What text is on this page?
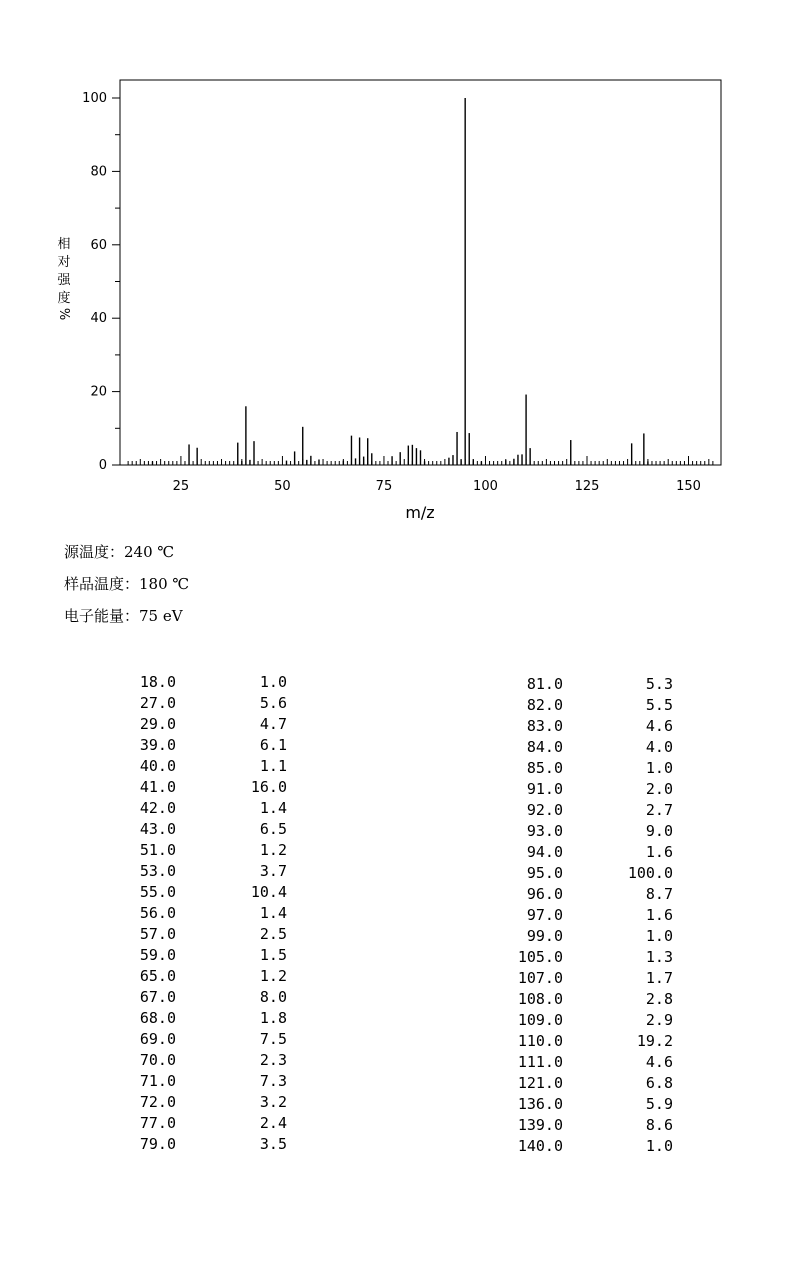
0
20
40
60
80
100
25	50	75	100	125	150
m/z
相
对
强
度
%
源温度：240 ℃
样品温度：180 ℃
电子能量：75 eV
18.0	1.0
27.0	5.6
29.0	4.7
39.0	6.1
40.0	1.1
41.0	16.0
42.0	1.4
43.0	6.5
51.0	1.2
53.0	3.7
55.0	10.4
56.0	1.4
57.0	2.5
59.0	1.5
65.0	1.2
67.0	8.0
68.0	1.8
69.0	7.5
70.0	2.3
71.0	7.3
72.0	3.2
77.0	2.4
79.0	3.5
81.0	5.3
82.0	5.5
83.0	4.6
84.0	4.0
85.0	1.0
91.0	2.0
92.0	2.7
93.0	9.0
94.0	1.6
95.0	100.0
96.0	8.7
97.0	1.6
99.0	1.0
105.0	1.3
107.0	1.7
108.0	2.8
109.0	2.9
110.0	19.2
111.0	4.6
121.0	6.8
136.0	5.9
139.0	8.6
140.0	1.0
